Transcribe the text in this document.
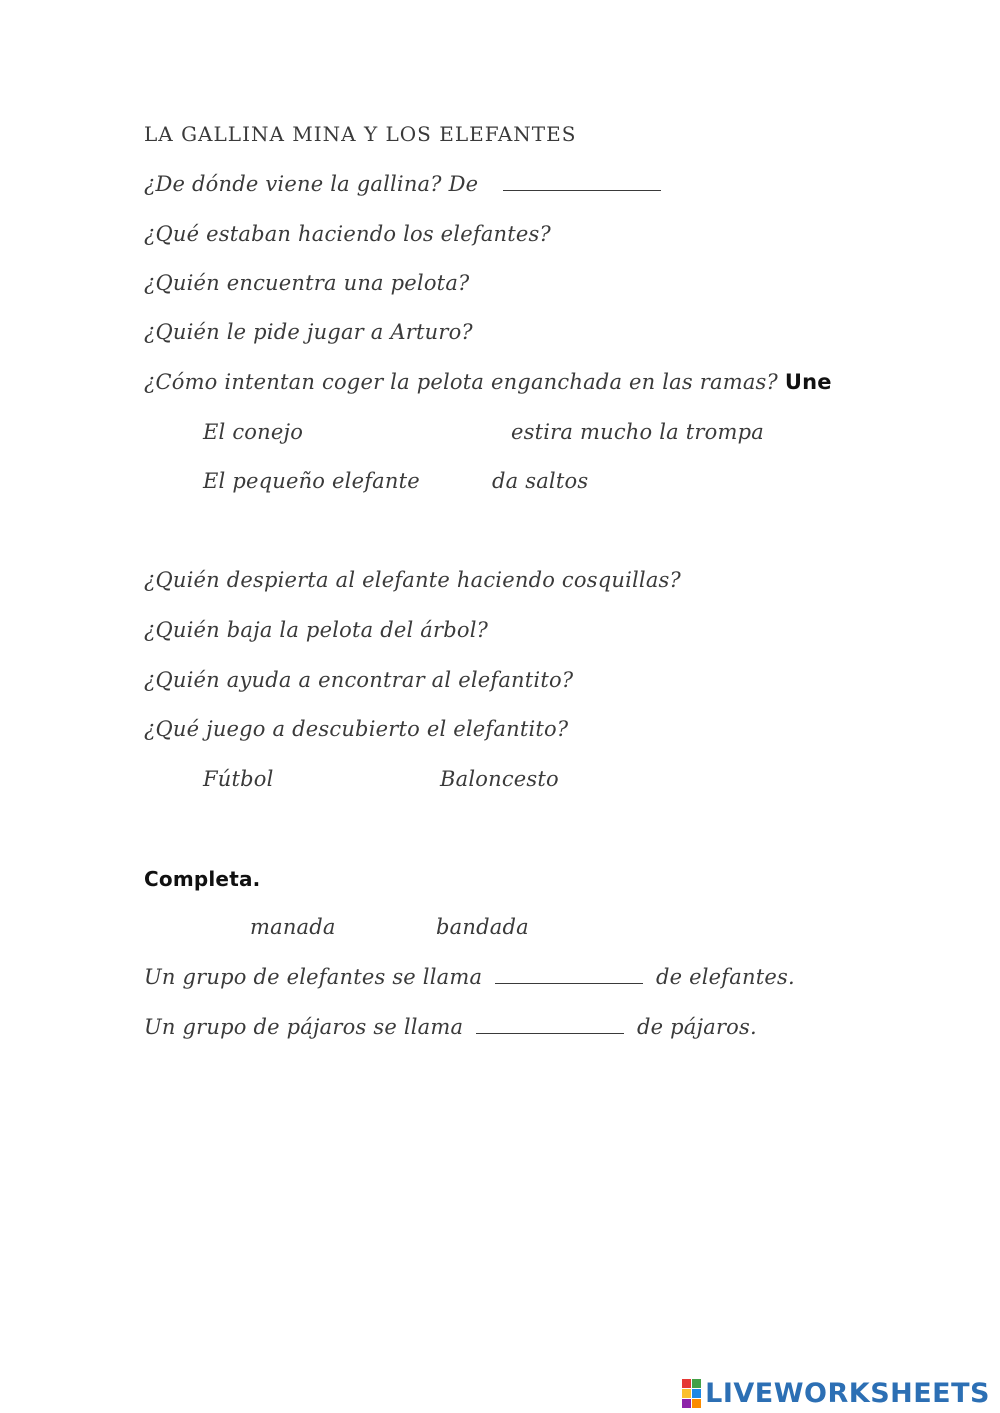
LA GALLINA MINA Y LOS ELEFANTES
¿De dónde viene la gallina? De
¿Qué estaban haciendo los elefantes?
¿Quién encuentra una pelota?
¿Quién le pide jugar a Arturo?
¿Cómo intentan coger la pelota enganchada en las ramas? Une
El conejo	estira mucho la trompa
El pequeño elefante	da saltos
¿Quién despierta al elefante haciendo cosquillas?
¿Quién baja la pelota del árbol?
¿Quién ayuda a encontrar al elefantito?
¿Qué juego a descubierto el elefantito?
Fútbol	Baloncesto
Completa.
manada	bandada
Un grupo de elefantes se llama	de elefantes.
Un grupo de pájaros se llama	de pájaros.
LIVEWORKSHEETS
